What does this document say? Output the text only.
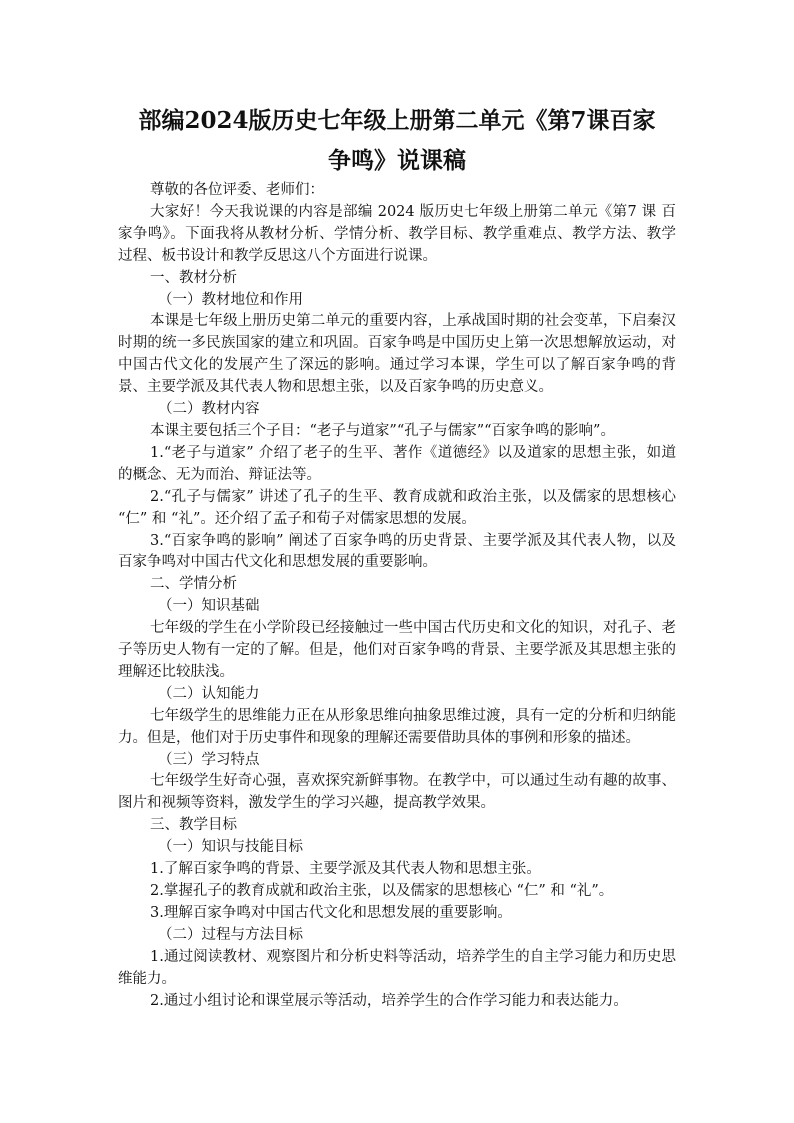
部编2024版历史七年级上册第二单元《第7课百家
争鸣》说课稿

尊敬的各位评委、老师们：

大家好！今天我说课的内容是部编 2024 版历史七年级上册第二单元《第7 课 百家争鸣》。下面我将从教材分析、学情分析、教学目标、教学重难点、教学方法、教学过程、板书设计和教学反思这八个方面进行说课。

一、教材分析

（一）教材地位和作用

本课是七年级上册历史第二单元的重要内容，上承战国时期的社会变革，下启秦汉时期的统一多民族国家的建立和巩固。百家争鸣是中国历史上第一次思想解放运动，对中国古代文化的发展产生了深远的影响。通过学习本课，学生可以了解百家争鸣的背景、主要学派及其代表人物和思想主张，以及百家争鸣的历史意义。

（二）教材内容

本课主要包括三个子目：“老子与道家”“孔子与儒家”“百家争鸣的影响”。

1.“老子与道家” 介绍了老子的生平、著作《道德经》以及道家的思想主张，如道的概念、无为而治、辩证法等。

2.“孔子与儒家” 讲述了孔子的生平、教育成就和政治主张，以及儒家的思想核心 “仁” 和 “礼”。还介绍了孟子和荀子对儒家思想的发展。

3.“百家争鸣的影响” 阐述了百家争鸣的历史背景、主要学派及其代表人物，以及百家争鸣对中国古代文化和思想发展的重要影响。

二、学情分析

（一）知识基础

七年级的学生在小学阶段已经接触过一些中国古代历史和文化的知识，对孔子、老子等历史人物有一定的了解。但是，他们对百家争鸣的背景、主要学派及其思想主张的理解还比较肤浅。

（二）认知能力

七年级学生的思维能力正在从形象思维向抽象思维过渡，具有一定的分析和归纳能力。但是，他们对于历史事件和现象的理解还需要借助具体的事例和形象的描述。

（三）学习特点

七年级学生好奇心强，喜欢探究新鲜事物。在教学中，可以通过生动有趣的故事、图片和视频等资料，激发学生的学习兴趣，提高教学效果。

三、教学目标

（一）知识与技能目标

1.了解百家争鸣的背景、主要学派及其代表人物和思想主张。

2.掌握孔子的教育成就和政治主张，以及儒家的思想核心 “仁” 和 “礼”。

3.理解百家争鸣对中国古代文化和思想发展的重要影响。

（二）过程与方法目标

1.通过阅读教材、观察图片和分析史料等活动，培养学生的自主学习能力和历史思维能力。

2.通过小组讨论和课堂展示等活动，培养学生的合作学习能力和表达能力。
